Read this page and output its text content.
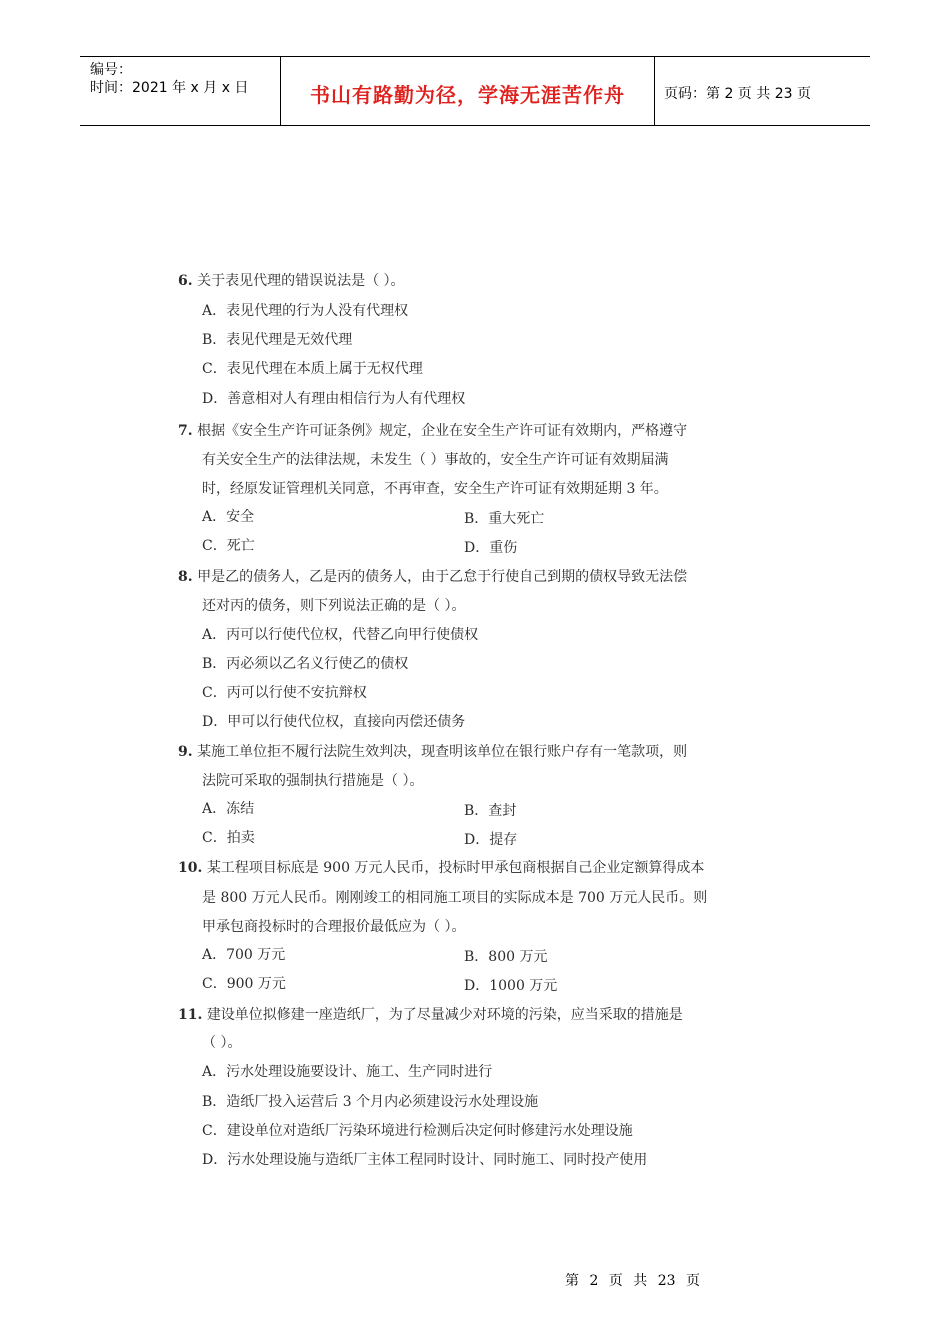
编号：
时间：2021 年 x 月 x 日	书山有路勤为径，学海无涯苦作舟	页码：第 2 页 共 23 页
6. 关于表见代理的错误说法是（ ）。
A．表见代理的行为人没有代理权
B．表见代理是无效代理
C．表见代理在本质上属于无权代理
D．善意相对人有理由相信行为人有代理权
7. 根据《安全生产许可证条例》规定，企业在安全生产许可证有效期内，严格遵守
有关安全生产的法律法规，未发生（ ）事故的，安全生产许可证有效期届满
时，经原发证管理机关同意，不再审查，安全生产许可证有效期延期 3 年。
A．安全	B．重大死亡
C．死亡	D．重伤
8. 甲是乙的债务人，乙是丙的债务人，由于乙怠于行使自己到期的债权导致无法偿
还对丙的债务，则下列说法正确的是（ ）。
A．丙可以行使代位权，代替乙向甲行使债权
B．丙必须以乙名义行使乙的债权
C．丙可以行使不安抗辩权
D．甲可以行使代位权，直接向丙偿还债务
9. 某施工单位拒不履行法院生效判决，现查明该单位在银行账户存有一笔款项，则
法院可采取的强制执行措施是（ ）。
A．冻结	B．查封
C．拍卖	D．提存
10. 某工程项目标底是 900 万元人民币，投标时甲承包商根据自己企业定额算得成本
是 800 万元人民币。刚刚竣工的相同施工项目的实际成本是 700 万元人民币。则
甲承包商投标时的合理报价最低应为（ ）。
A．700 万元	B．800 万元
C．900 万元	D．1000 万元
11. 建设单位拟修建一座造纸厂，为了尽量减少对环境的污染，应当采取的措施是
（ ）。
A．污水处理设施要设计、施工、生产同时进行
B．造纸厂投入运营后 3 个月内必须建设污水处理设施
C．建设单位对造纸厂污染环境进行检测后决定何时修建污水处理设施
D．污水处理设施与造纸厂主体工程同时设计、同时施工、同时投产使用
第 2 页 共 23 页
